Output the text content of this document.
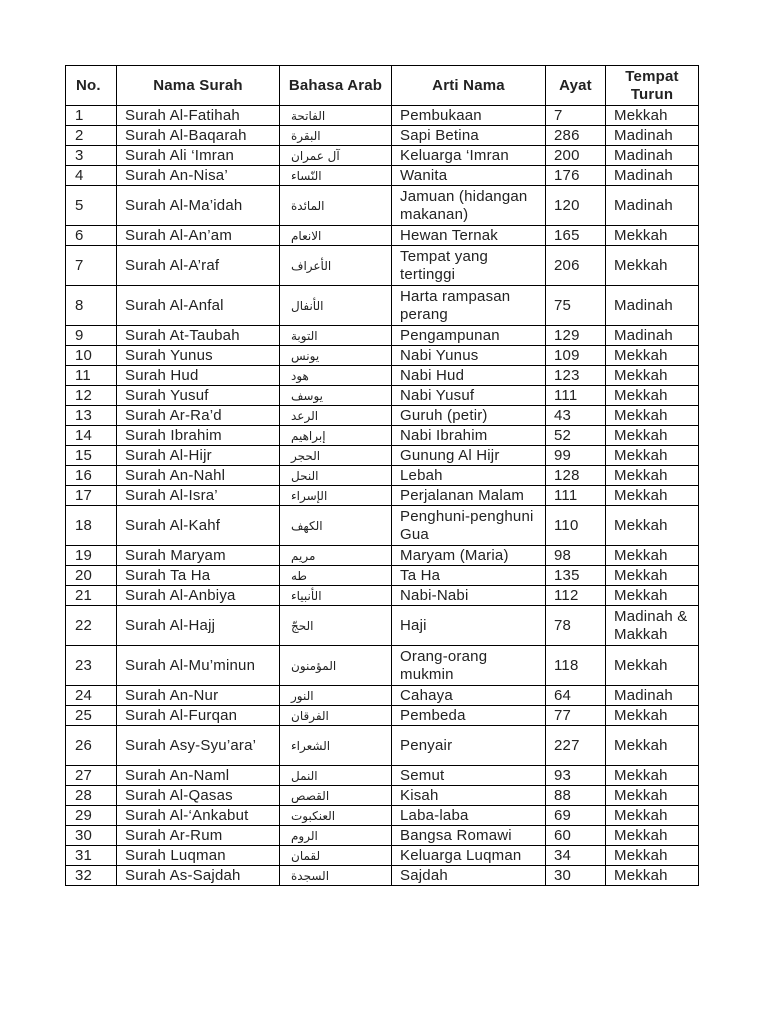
No.	Nama Surah	Bahasa Arab	Arti Nama	Ayat	Tempat Turun
1	Surah Al-Fatihah	الفاتحة	Pembukaan	7	Mekkah
2	Surah Al-Baqarah	البقرة	Sapi Betina	286	Madinah
3	Surah Ali ‘Imran	آل عمران	Keluarga ‘Imran	200	Madinah
4	Surah An-Nisa’	النّساء	Wanita	176	Madinah
5	Surah Al-Ma’idah	المائدة	Jamuan (hidangan makanan)	120	Madinah
6	Surah Al-An’am	الانعام	Hewan Ternak	165	Mekkah
7	Surah Al-A’raf	الأعراف	Tempat yang tertinggi	206	Mekkah
8	Surah Al-Anfal	الأنفال	Harta rampasan perang	75	Madinah
9	Surah At-Taubah	التوبة	Pengampunan	129	Madinah
10	Surah Yunus	يونس	Nabi Yunus	109	Mekkah
11	Surah Hud	هود	Nabi Hud	123	Mekkah
12	Surah Yusuf	يوسف	Nabi Yusuf	111	Mekkah
13	Surah Ar-Ra’d	الرعد	Guruh (petir)	43	Mekkah
14	Surah Ibrahim	إبراهيم	Nabi Ibrahim	52	Mekkah
15	Surah Al-Hijr	الحجر	Gunung Al Hijr	99	Mekkah
16	Surah An-Nahl	النحل	Lebah	128	Mekkah
17	Surah Al-Isra’	الإسراء	Perjalanan Malam	111	Mekkah
18	Surah Al-Kahf	الكهف	Penghuni-penghuni Gua	110	Mekkah
19	Surah Maryam	مريم	Maryam (Maria)	98	Mekkah
20	Surah Ta Ha	طه	Ta Ha	135	Mekkah
21	Surah Al-Anbiya	الأنبياء	Nabi-Nabi	112	Mekkah
22	Surah Al-Hajj	الحجّ	Haji	78	Madinah & Makkah
23	Surah Al-Mu’minun	المؤمنون	Orang-orang mukmin	118	Mekkah
24	Surah An-Nur	النور	Cahaya	64	Madinah
25	Surah Al-Furqan	الفرقان	Pembeda	77	Mekkah
26	Surah Asy-Syu’ara’	الشعراء	Penyair	227	Mekkah
27	Surah An-Naml	النمل	Semut	93	Mekkah
28	Surah Al-Qasas	القصص	Kisah	88	Mekkah
29	Surah Al-‘Ankabut	العنكبوت	Laba-laba	69	Mekkah
30	Surah Ar-Rum	الروم	Bangsa Romawi	60	Mekkah
31	Surah Luqman	لقمان	Keluarga Luqman	34	Mekkah
32	Surah As-Sajdah	السجدة	Sajdah	30	Mekkah
